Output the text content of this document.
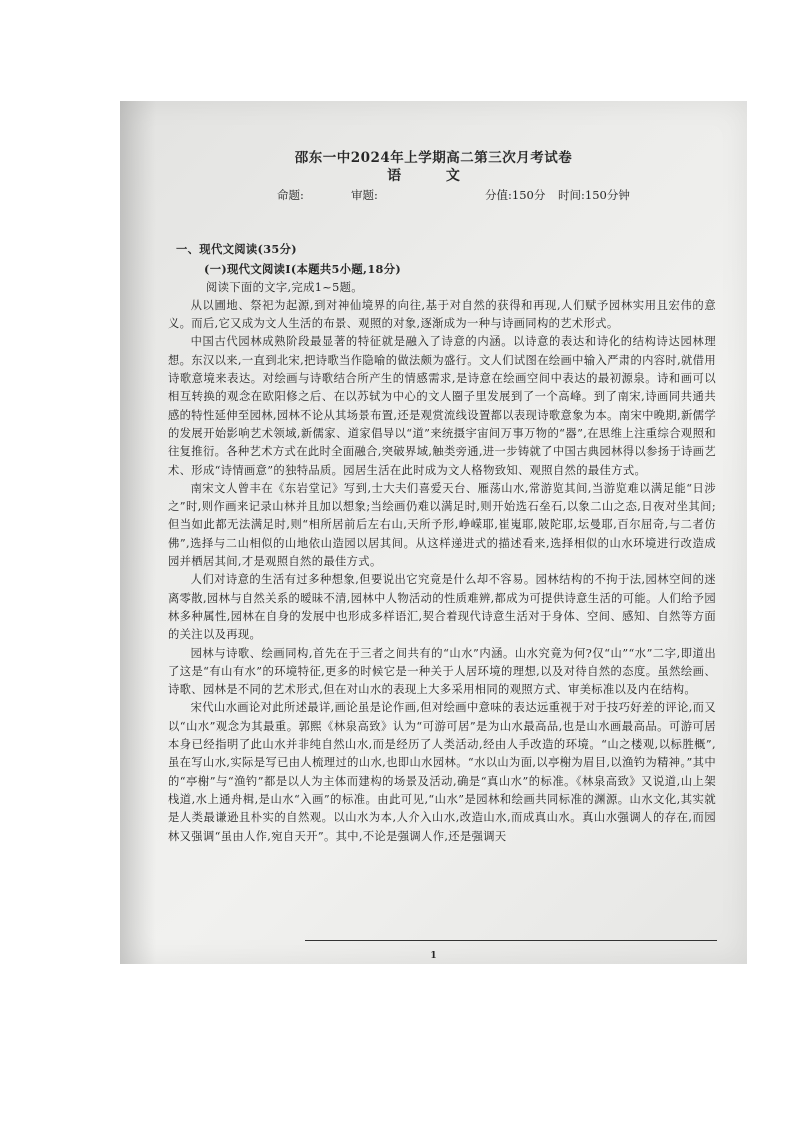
邵东一中2024年上学期高二第三次月考试卷
语 文
命题:	审题:	分值:150分 时间:150分钟
一、现代文阅读(35分)
(一)现代文阅读Ⅰ(本题共5小题,18分)
阅读下面的文字,完成1~5题。

从以圃地、祭祀为起源,到对神仙境界的向往,基于对自然的获得和再现,人们赋予园林实用且宏伟的意义。而后,它又成为文人生活的布景、观照的对象,逐渐成为一种与诗画同构的艺术形式。

中国古代园林成熟阶段最显著的特征就是融入了诗意的内涵。以诗意的表达和诗化的结构诗达园林理想。东汉以来,一直到北宋,把诗歌当作隐喻的做法颇为盛行。文人们试图在绘画中输入严肃的内容时,就借用诗歌意境来表达。对绘画与诗歌结合所产生的情感需求,是诗意在绘画空间中表达的最初源泉。诗和画可以相互转换的观念在欧阳修之后、在以苏轼为中心的文人圈子里发展到了一个高峰。到了南宋,诗画同共通共感的特性延伸至园林,园林不论从其场景布置,还是观赏流线设置都以表现诗歌意象为本。南宋中晚期,新儒学的发展开始影响艺术领域,新儒家、道家倡导以“道”来统摄宇宙间万事万物的“器”,在思维上注重综合观照和往复推衍。各种艺术方式在此时全面融合,突破界域,触类旁通,进一步铸就了中国古典园林得以参扬于诗画艺术、形成“诗情画意”的独特品质。园居生活在此时成为文人格物致知、观照自然的最佳方式。

南宋文人曾丰在《东岩堂记》写到,士大夫们喜爱天台、雁荡山水,常游览其间,当游览难以满足能“日涉之”时,则作画来记录山林并且加以想象;当绘画仍难以满足时,则开始选石垒石,以象二山之态,日夜对坐其间;但当如此都无法满足时,则“相所居前后左右山,天所予形,峥嵘耶,崔嵬耶,陂陀耶,坛曼耶,百尔屈奇,与二者仿佛”,选择与二山相似的山地依山造园以居其间。从这样递进式的描述看来,选择相似的山水环境进行改造成园并栖居其间,才是观照自然的最佳方式。

人们对诗意的生活有过多种想象,但要说出它究竟是什么却不容易。园林结构的不拘于法,园林空间的迷离零散,园林与自然关系的暧昧不清,园林中人物活动的性质难辨,都成为可提供诗意生活的可能。人们给予园林多种属性,园林在自身的发展中也形成多样语汇,契合着现代诗意生活对于身体、空间、感知、自然等方面的关注以及再现。

园林与诗歌、绘画同构,首先在于三者之间共有的“山水”内涵。山水究竟为何?仅“山”“水”二字,即道出了这是“有山有水”的环境特征,更多的时候它是一种关于人居环境的理想,以及对待自然的态度。虽然绘画、诗歌、园林是不同的艺术形式,但在对山水的表现上大多采用相同的观照方式、审美标准以及内在结构。

宋代山水画论对此所述最详,画论虽是论作画,但对绘画中意味的表达远重视于对于技巧好差的评论,而又以“山水”观念为其最重。郭熙《林泉高致》认为“可游可居”是为山水最高品,也是山水画最高品。可游可居本身已经指明了此山水并非纯自然山水,而是经历了人类活动,经由人手改造的环境。“山之楼观,以标胜概”,虽在写山水,实际是写已由人梳理过的山水,也即山水园林。“水以山为面,以亭榭为眉目,以渔钓为精神。”其中的“亭榭”与“渔钓”都是以人为主体而建构的场景及活动,确是“真山水”的标准。《林泉高致》又说道,山上架栈道,水上通舟楫,是山水“入画”的标准。由此可见,“山水”是园林和绘画共同标准的渊源。山水文化,其实就是人类最谦逊且朴实的自然观。以山水为本,人介入山水,改造山水,而成真山水。真山水强调人的存在,而园林又强调“虽由人作,宛自天开”。其中,不论是强调人作,还是强调天

1
